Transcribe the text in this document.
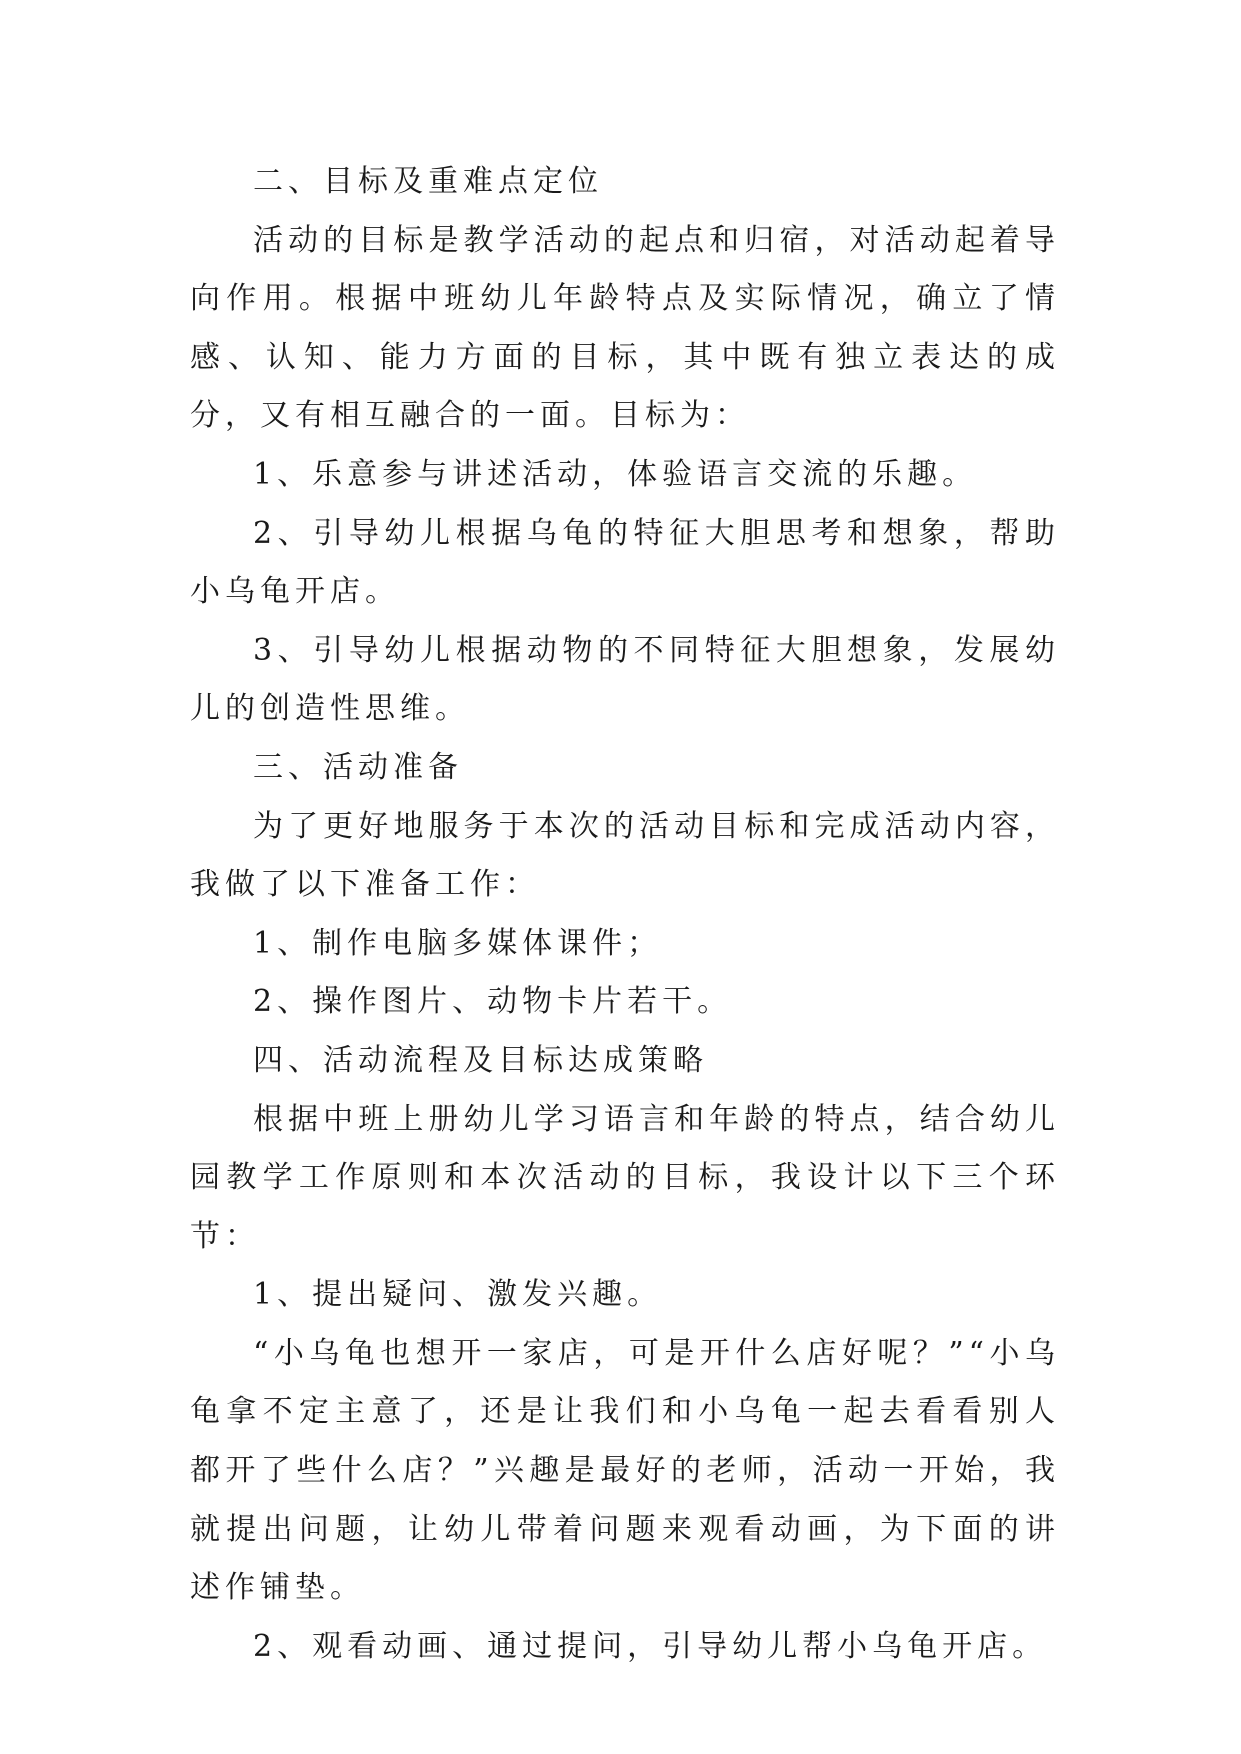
二、目标及重难点定位

活动的目标是教学活动的起点和归宿，对活动起着导向作用。根据中班幼儿年龄特点及实际情况，确立了情感、认知、能力方面的目标，其中既有独立表达的成分，又有相互融合的一面。目标为：

1、乐意参与讲述活动，体验语言交流的乐趣。

2、引导幼儿根据乌龟的特征大胆思考和想象，帮助小乌龟开店。

3、引导幼儿根据动物的不同特征大胆想象，发展幼儿的创造性思维。

三、活动准备

为了更好地服务于本次的活动目标和完成活动内容，我做了以下准备工作：

1、制作电脑多媒体课件；

2、操作图片、动物卡片若干。

四、活动流程及目标达成策略

根据中班上册幼儿学习语言和年龄的特点，结合幼儿园教学工作原则和本次活动的目标，我设计以下三个环节：

1、提出疑问、激发兴趣。

“小乌龟也想开一家店，可是开什么店好呢？”“小乌龟拿不定主意了，还是让我们和小乌龟一起去看看别人都开了些什么店？”兴趣是最好的老师，活动一开始，我就提出问题，让幼儿带着问题来观看动画，为下面的讲述作铺垫。

2、观看动画、通过提问，引导幼儿帮小乌龟开店。
